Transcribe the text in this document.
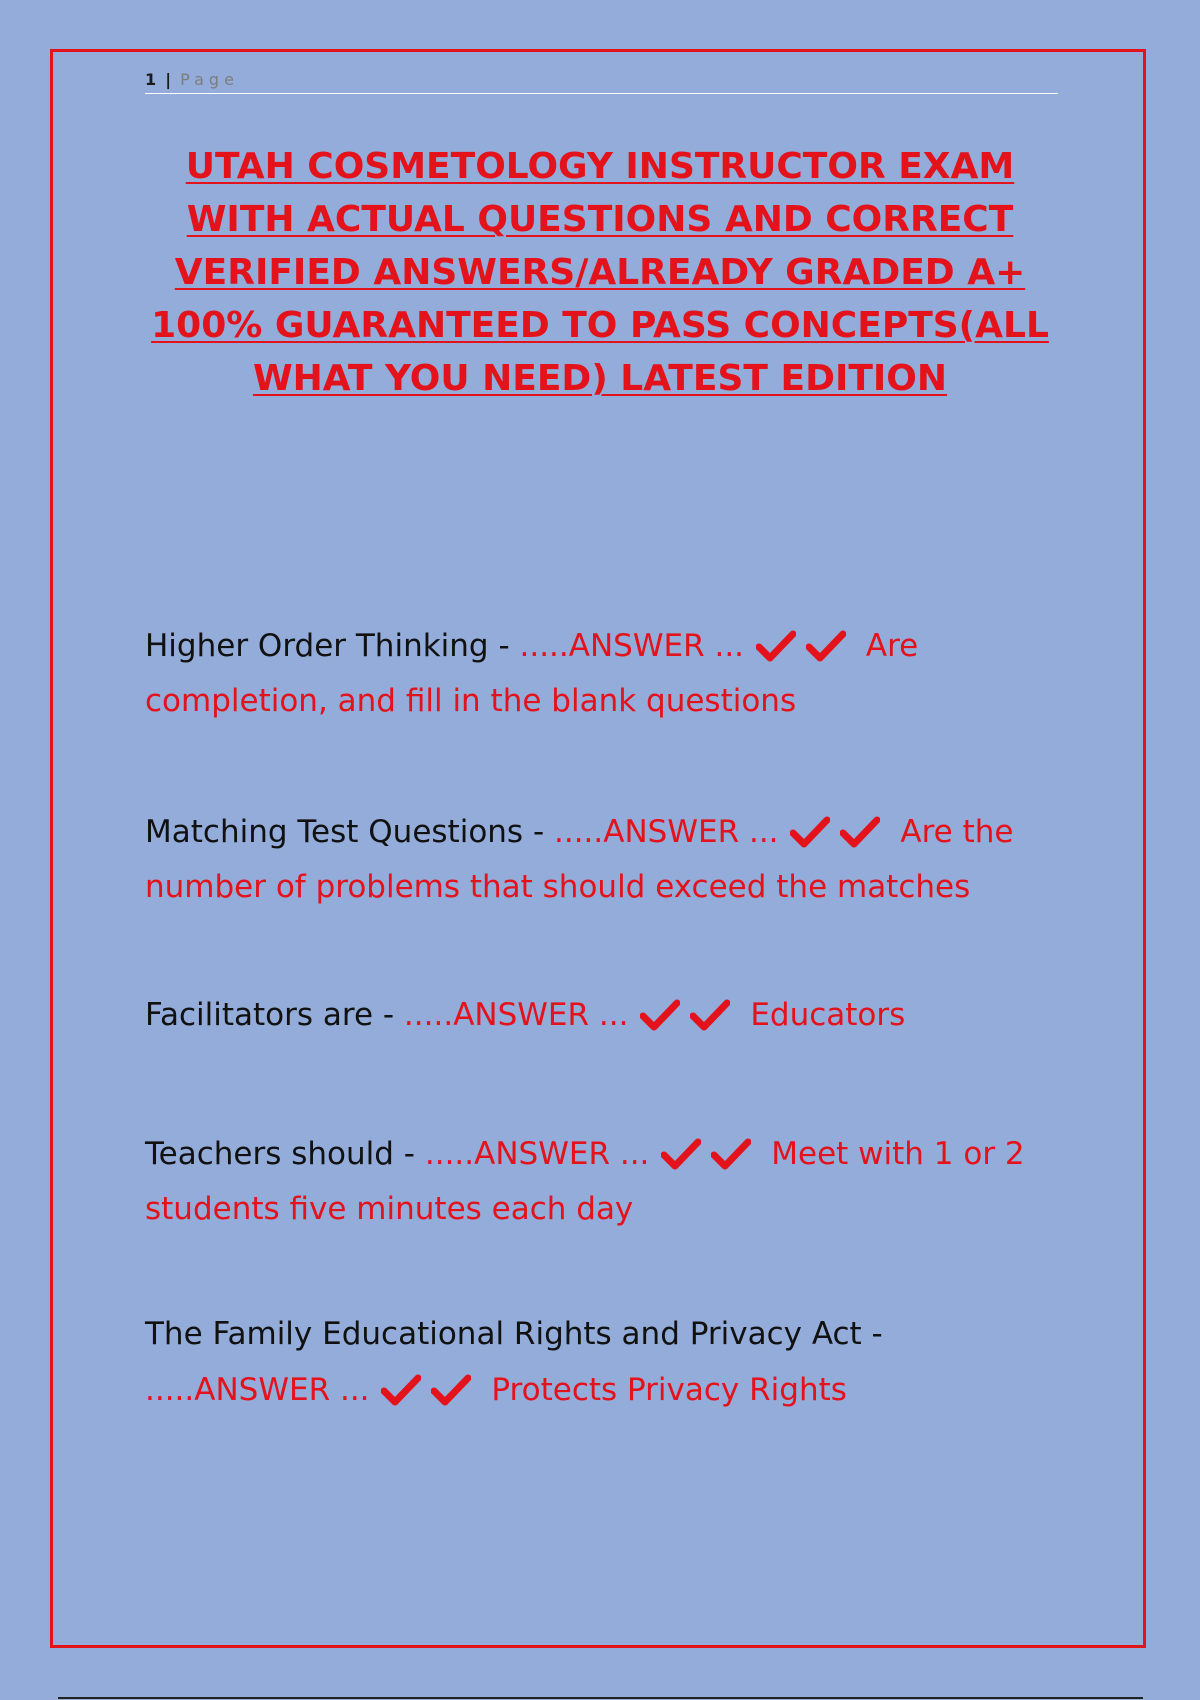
1 | Page
UTAH COSMETOLOGY INSTRUCTOR EXAM WITH ACTUAL QUESTIONS AND CORRECT VERIFIED ANSWERS/ALREADY GRADED A+ 100% GUARANTEED TO PASS CONCEPTS(ALL WHAT YOU NEED) LATEST EDITION

Higher Order Thinking - .....ANSWER ...	Are completion, and fill in the blank questions

Matching Test Questions - .....ANSWER ...	Are the number of problems that should exceed the matches

Facilitators are - .....ANSWER ...	Educators

Teachers should - .....ANSWER ...	Meet with 1 or 2 students five minutes each day

The Family Educational Rights and Privacy Act - .....ANSWER ...	Protects Privacy Rights
